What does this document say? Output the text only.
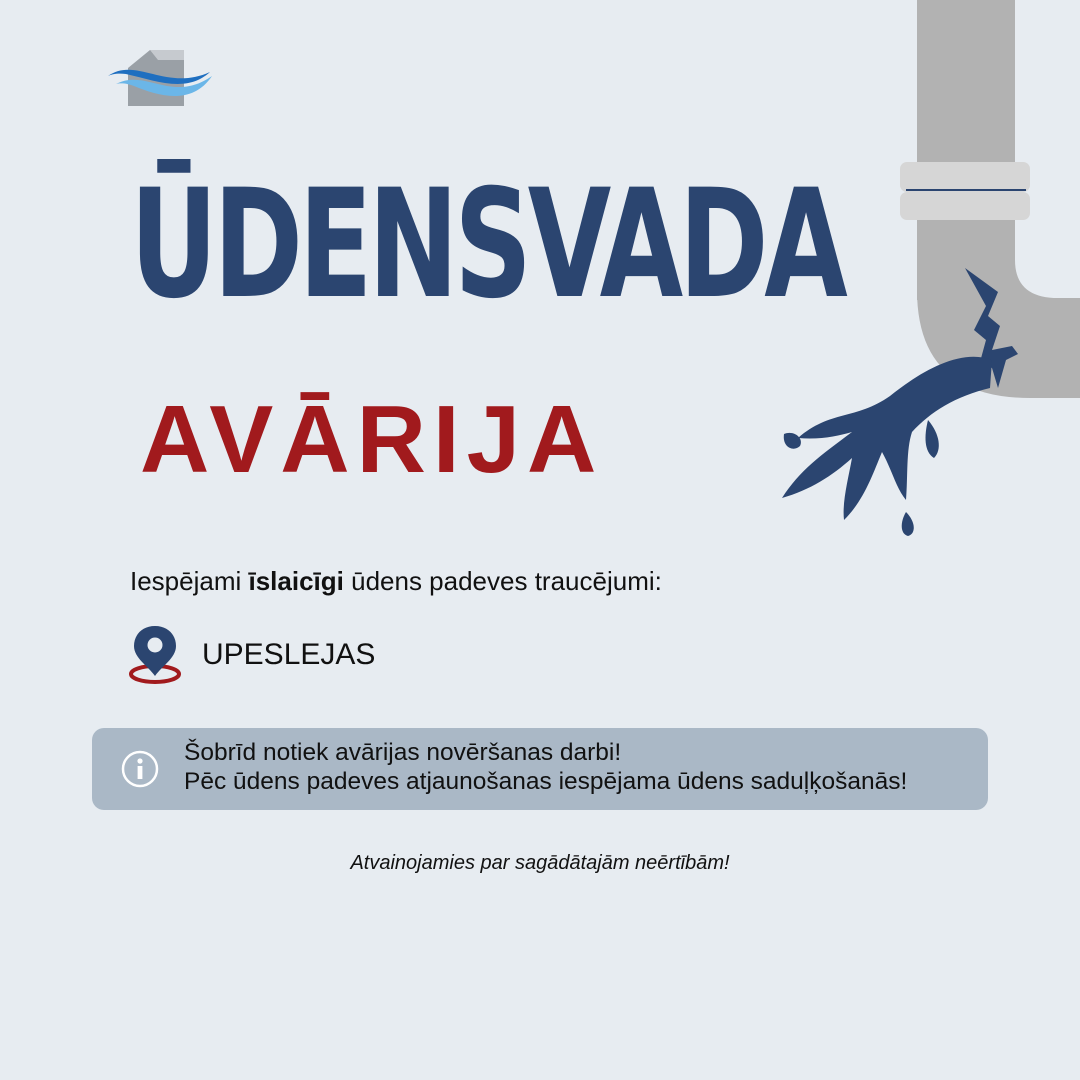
ŪDENSVADA
AVĀRIJA
Iespējami īslaicīgi ūdens padeves traucējumi:
UPESLEJAS
Šobrīd notiek avārijas novēršanas darbi!
Pēc ūdens padeves atjaunošanas iespējama ūdens saduļķošanās!
Atvainojamies par sagādātajām neērtībām!
